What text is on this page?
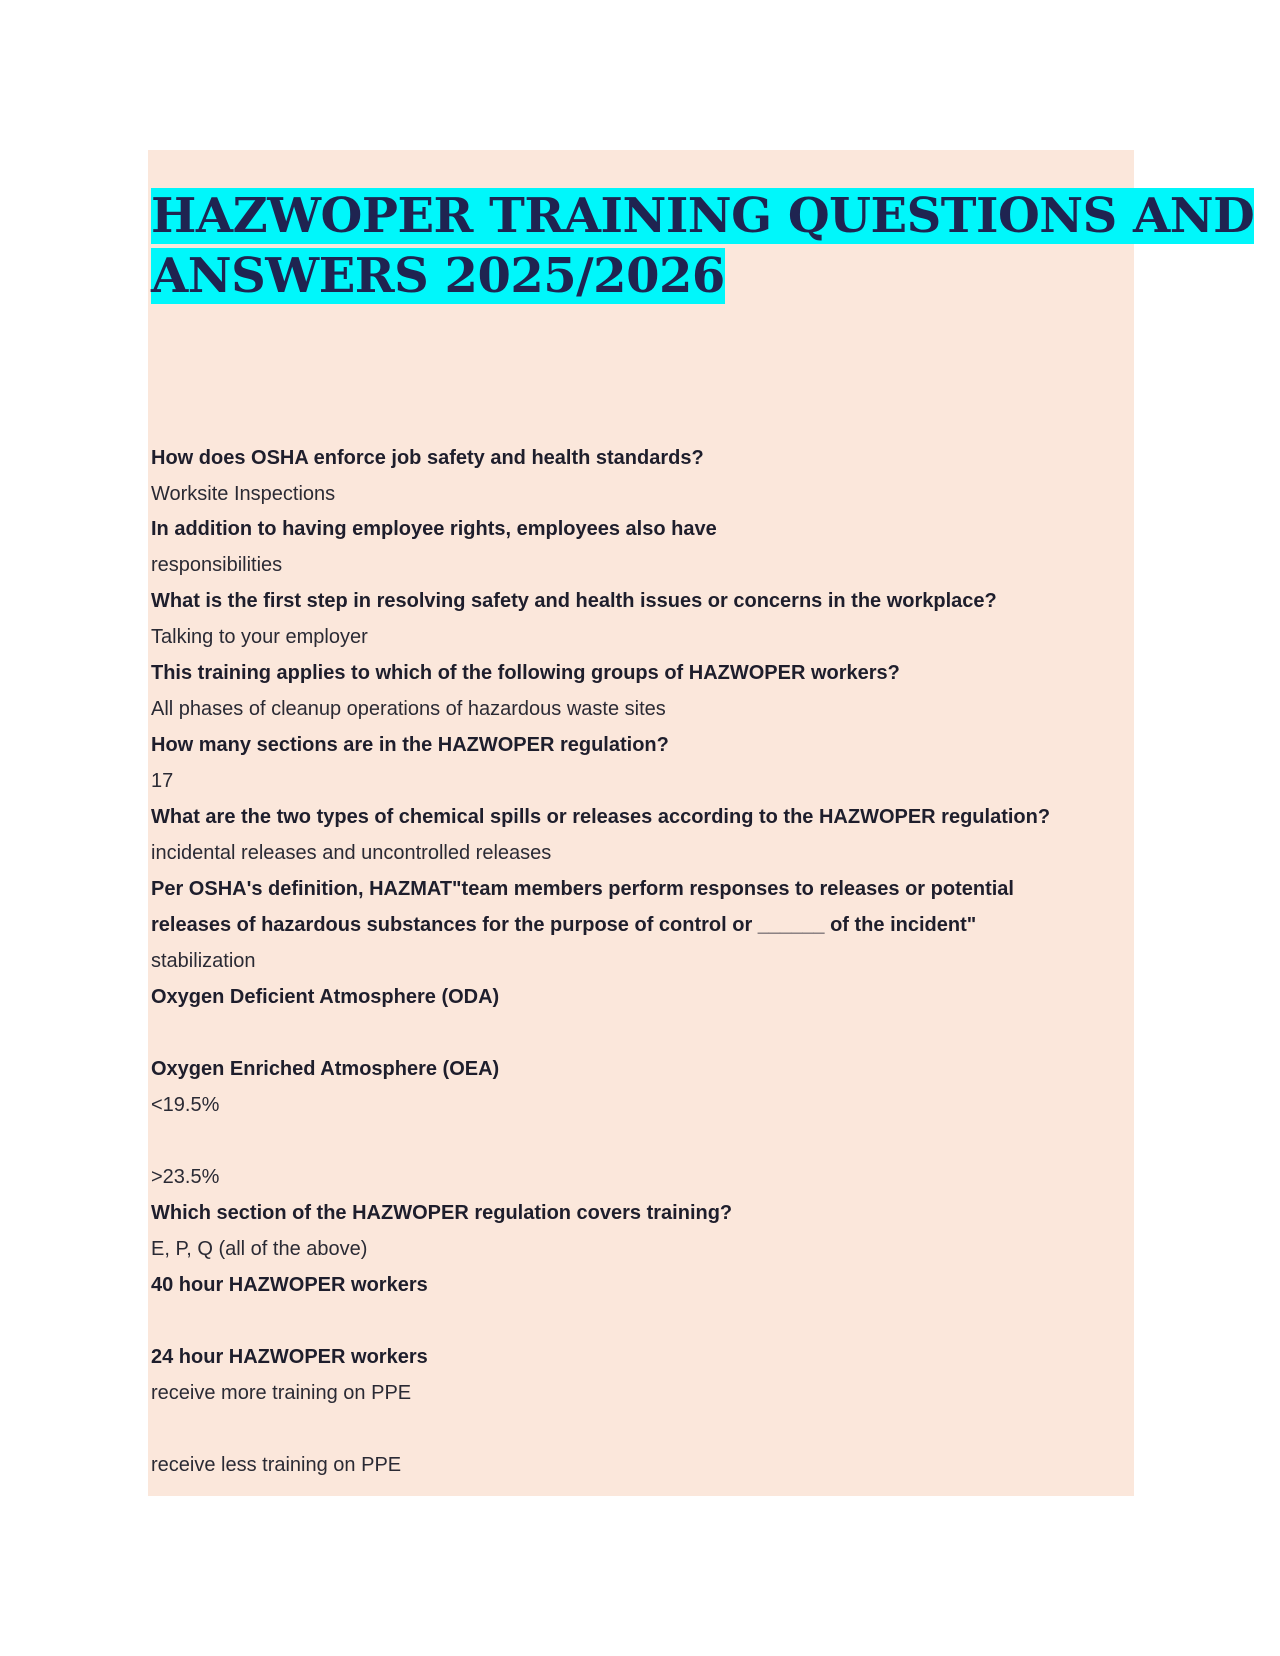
HAZWOPER TRAINING QUESTIONS AND
ANSWERS 2025/2026
How does OSHA enforce job safety and health standards?
Worksite Inspections
In addition to having employee rights, employees also have
responsibilities
What is the first step in resolving safety and health issues or concerns in the workplace?
Talking to your employer
This training applies to which of the following groups of HAZWOPER workers?
All phases of cleanup operations of hazardous waste sites
How many sections are in the HAZWOPER regulation?
17
What are the two types of chemical spills or releases according to the HAZWOPER regulation?
incidental releases and uncontrolled releases
Per OSHA's definition, HAZMAT"team members perform responses to releases or potential
releases of hazardous substances for the purpose of control or ______ of the incident"
stabilization
Oxygen Deficient Atmosphere (ODA)
Oxygen Enriched Atmosphere (OEA)
<19.5%
>23.5%
Which section of the HAZWOPER regulation covers training?
E, P, Q (all of the above)
40 hour HAZWOPER workers
24 hour HAZWOPER workers
receive more training on PPE
receive less training on PPE
